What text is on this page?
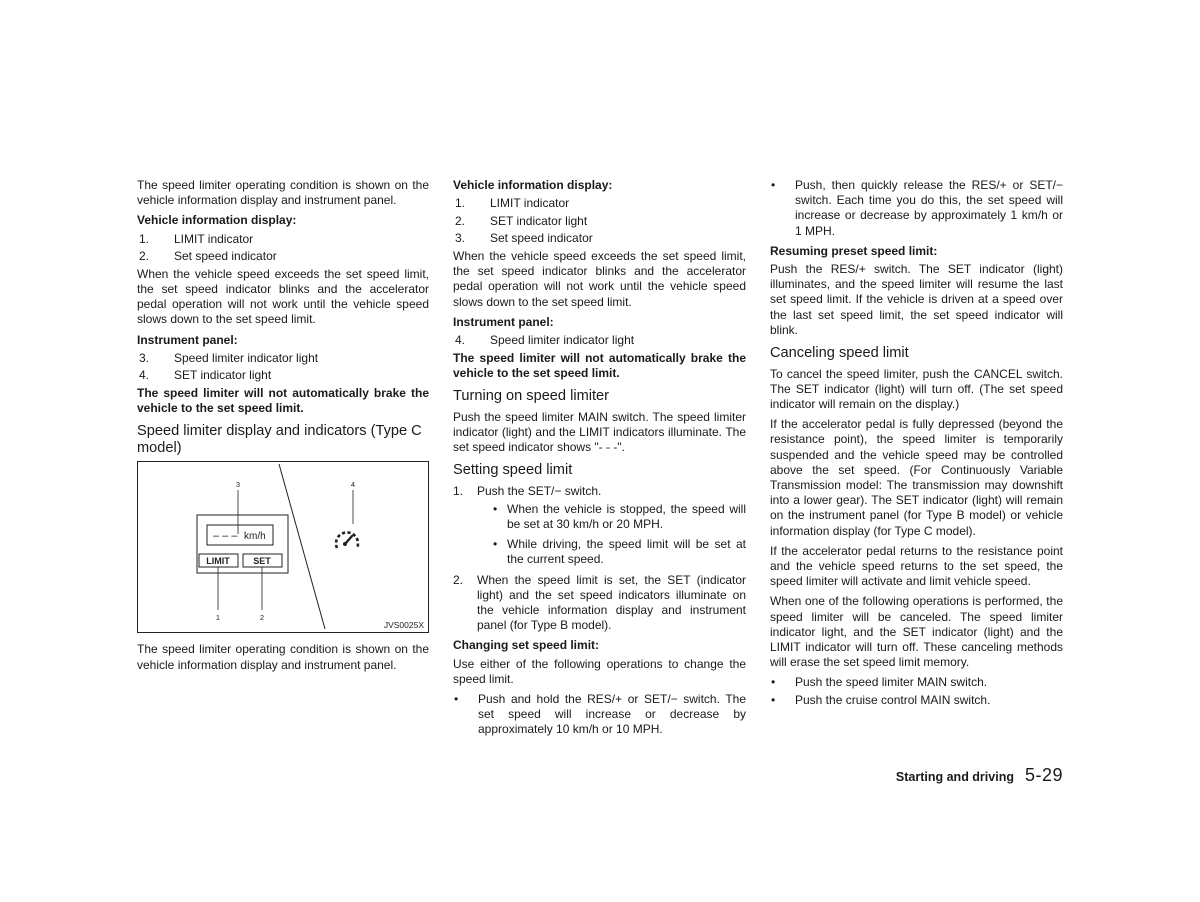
The speed limiter operating condition is shown on the vehicle information display and instrument panel.

Vehicle information display:

1.	LIMIT indicator
2.	Set speed indicator

When the vehicle speed exceeds the set speed limit, the set speed indicator blinks and the accelerator pedal operation will not work until the vehicle speed slows down to the set speed limit.

Instrument panel:

3.	Speed limiter indicator light
4.	SET indicator light

The speed limiter will not automatically brake the vehicle to the set speed limit.

Speed limiter display and indicators (Type C model)
– – – km/h
LIMIT	SET
3
1	2
4
JVS0025X

The speed limiter operating condition is shown on the vehicle information display and instrument panel.

Vehicle information display:

1.	LIMIT indicator
2.	SET indicator light
3.	Set speed indicator

When the vehicle speed exceeds the set speed limit, the set speed indicator blinks and the accelerator pedal operation will not work until the vehicle speed slows down to the set speed limit.

Instrument panel:

4.	Speed limiter indicator light

The speed limiter will not automatically brake the vehicle to the set speed limit.

Turning on speed limiter

Push the speed limiter MAIN switch. The speed limiter indicator (light) and the LIMIT indicators illuminate. The set speed indicator shows "- - -".

Setting speed limit
1.	Push the SET/− switch.
• When the vehicle is stopped, the speed will be set at 30 km/h or 20 MPH.
• While driving, the speed limit will be set at the current speed.
2.	When the speed limit is set, the SET (indicator light) and the set speed indicators illuminate on the vehicle information display and instrument panel (for Type B model).

Changing set speed limit:

Use either of the following operations to change the speed limit.

•	Push and hold the RES/+ or SET/− switch. The set speed will increase or decrease by approximately 10 km/h or 10 MPH.
•	Push, then quickly release the RES/+ or SET/− switch. Each time you do this, the set speed will increase or decrease by approximately 1 km/h or 1 MPH.

Resuming preset speed limit:

Push the RES/+ switch. The SET indicator (light) illuminates, and the speed limiter will resume the last set speed limit. If the vehicle is driven at a speed over the last set speed limit, the set speed indicator will blink.

Canceling speed limit

To cancel the speed limiter, push the CANCEL switch. The SET indicator (light) will turn off. (The set speed indicator will remain on the display.)

If the accelerator pedal is fully depressed (beyond the resistance point), the speed limiter is temporarily suspended and the vehicle speed may be controlled above the set speed. (For Continuously Variable Transmission model: The transmission may downshift into a lower gear). The SET indicator (light) will remain on the instrument panel (for Type B model) or vehicle information display (for Type C model).

If the accelerator pedal returns to the resistance point and the vehicle speed returns to the set speed, the speed limiter will activate and limit vehicle speed.

When one of the following operations is performed, the speed limiter will be canceled. The speed limiter indicator light, and the SET indicator (light) and the LIMIT indicator will turn off. These canceling methods will erase the set speed limit memory.

•	Push the speed limiter MAIN switch.
•	Push the cruise control MAIN switch.
Starting and driving 5-29
